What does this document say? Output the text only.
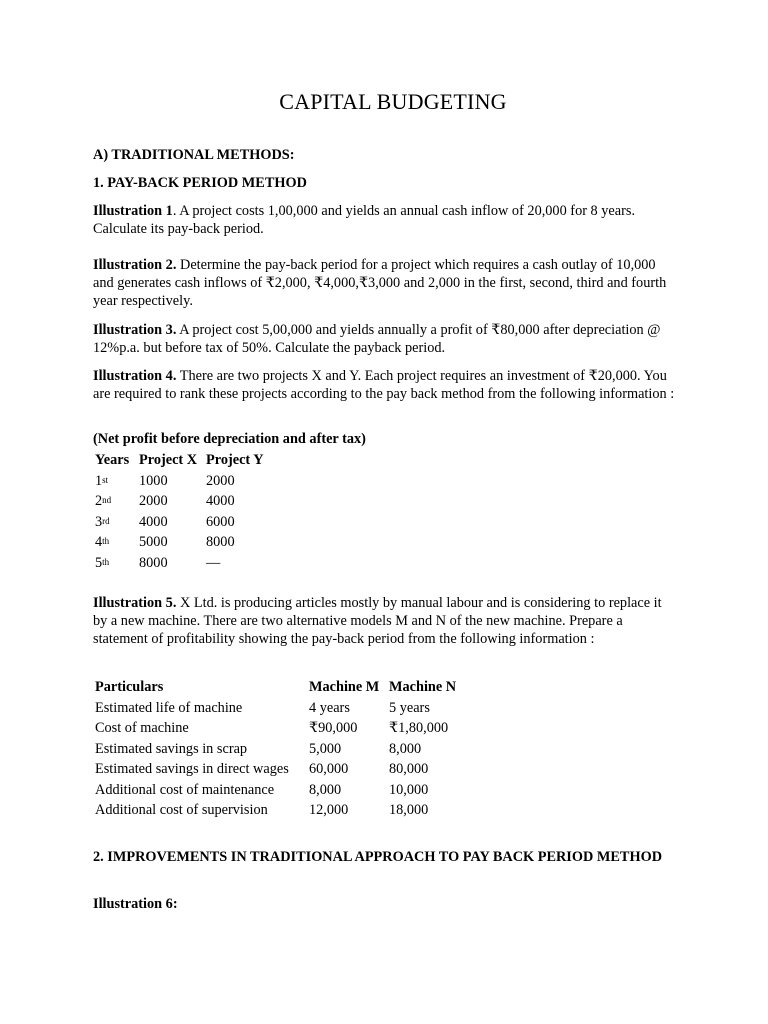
CAPITAL BUDGETING
A) TRADITIONAL METHODS:
1. PAY-BACK PERIOD METHOD

Illustration 1. A project costs 1,00,000 and yields an annual cash inflow of 20,000 for 8 years. Calculate its pay-back period.

Illustration 2. Determine the pay-back period for a project which requires a cash outlay of 10,000 and generates cash inflows of ₹2,000, ₹4,000,₹3,000 and 2,000 in the first, second, third and fourth year respectively.

Illustration 3. A project cost 5,00,000 and yields annually a profit of ₹80,000 after depreciation @ 12%p.a. but before tax of 50%. Calculate the payback period.

Illustration 4. There are two projects X and Y. Each project requires an investment of ₹20,000. You are required to rank these projects according to the pay back method from the following information :

(Net profit before depreciation and after tax)
Years	Project X	Project Y
1st	1000	2000
2nd	2000	4000
3rd	4000	6000
4th	5000	8000
5th	8000	—

Illustration 5. X Ltd. is producing articles mostly by manual labour and is considering to replace it by a new machine. There are two alternative models M and N of the new machine. Prepare a statement of profitability showing the pay-back period from the following information :

Particulars	Machine M	Machine N
Estimated life of machine	4 years	5 years
Cost of machine	₹90,000	₹1,80,000
Estimated savings in scrap	5,000	8,000
Estimated savings in direct wages	60,000	80,000
Additional cost of maintenance	8,000	10,000
Additional cost of supervision	12,000	18,000
2. IMPROVEMENTS IN TRADITIONAL APPROACH TO PAY BACK PERIOD METHOD
Illustration 6:
